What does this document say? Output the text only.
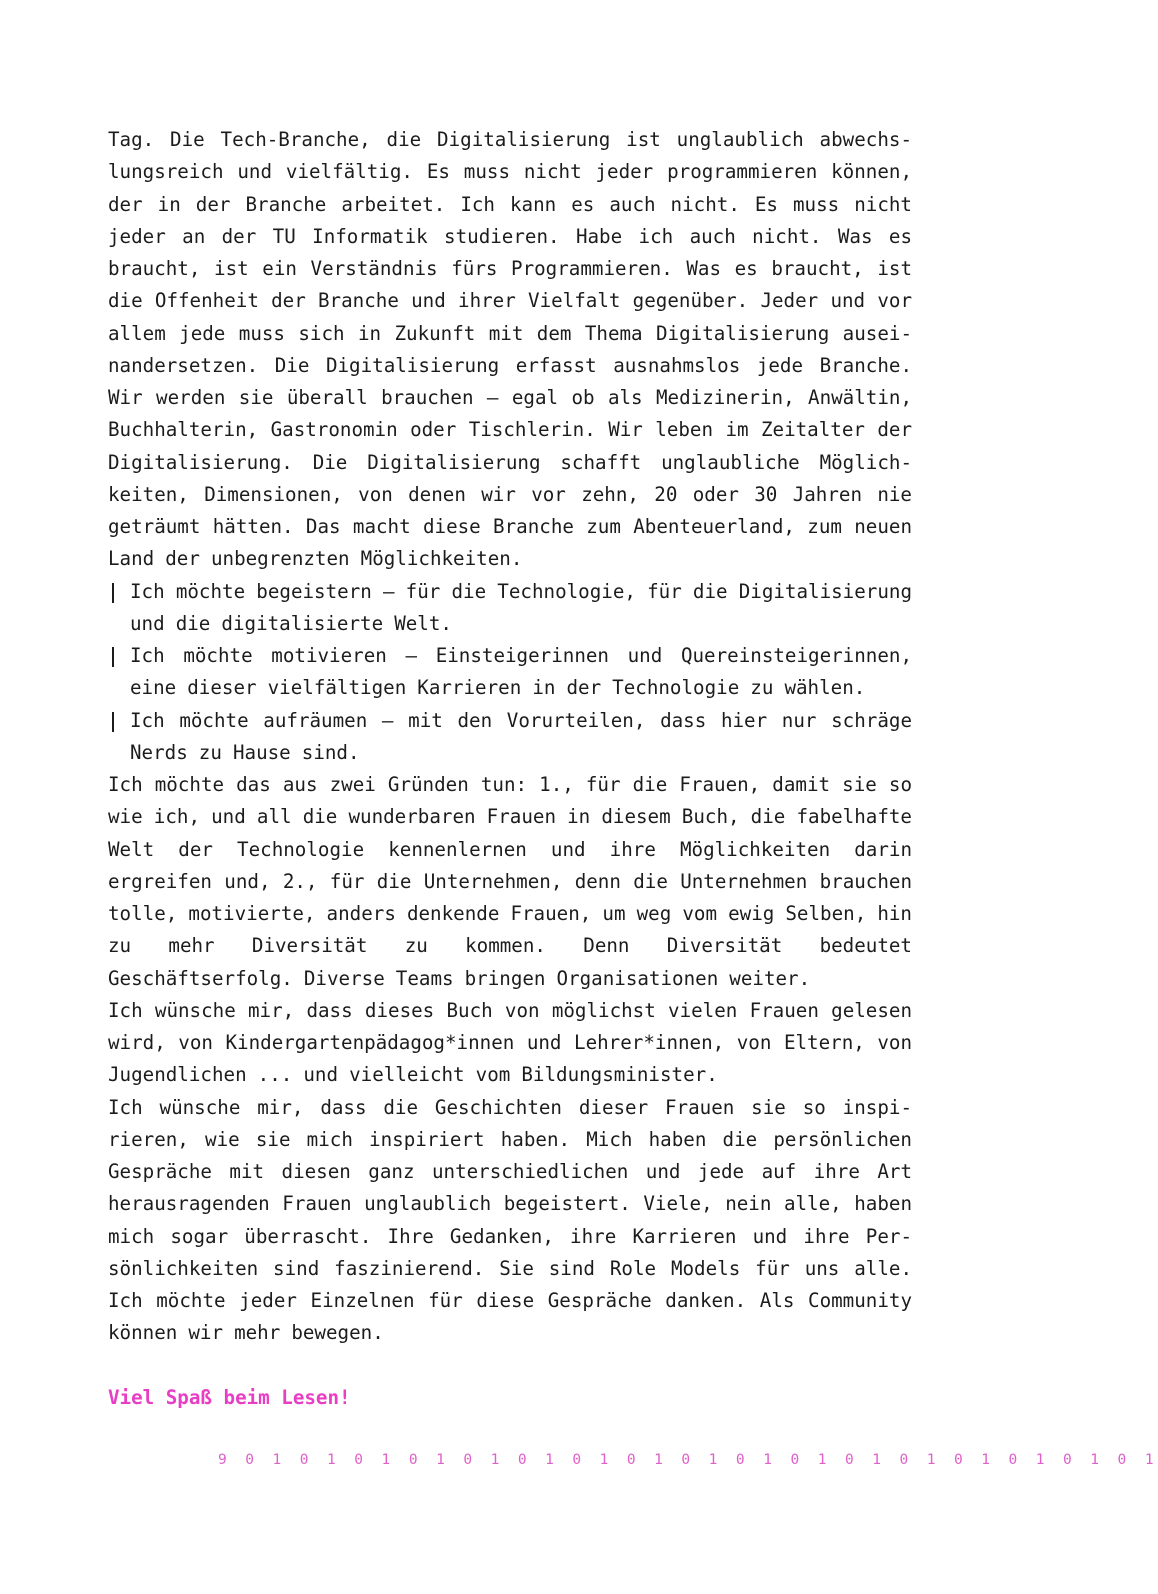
Tag. Die Tech-Branche, die Digitalisierung ist unglaublich abwechslungsreich und vielfältig. Es muss nicht jeder programmieren können, der in der Branche arbeitet. Ich kann es auch nicht. Es muss nicht jeder an der TU Informatik studieren. Habe ich auch nicht. Was es braucht, ist ein Verständnis fürs Programmieren. Was es braucht, ist die Offenheit der Branche und ihrer Vielfalt gegenüber. Jeder und vor allem jede muss sich in Zukunft mit dem Thema Digitalisierung auseinandersetzen. Die Digitalisierung erfasst ausnahmslos jede Branche. Wir werden sie überall brauchen – egal ob als Medizinerin, Anwältin, Buchhalterin, Gastronomin oder Tischlerin. Wir leben im Zeitalter der Digitalisierung. Die Digitalisierung schafft unglaubliche Möglichkeiten, Dimensionen, von denen wir vor zehn, 20 oder 30 Jahren nie geträumt hätten. Das macht diese Branche zum Abenteuerland, zum neuen Land der unbegrenzten Möglichkeiten.

Ich möchte begeistern – für die Technologie, für die Digitalisierung und die digitalisierte Welt.
Ich möchte motivieren – Einsteigerinnen und Quereinsteigerinnen, eine dieser vielfältigen Karrieren in der Technologie zu wählen.
Ich möchte aufräumen – mit den Vorurteilen, dass hier nur schräge Nerds zu Hause sind.

Ich möchte das aus zwei Gründen tun: 1., für die Frauen, damit sie so wie ich, und all die wunderbaren Frauen in diesem Buch, die fabelhafte Welt der Technologie kennenlernen und ihre Möglichkeiten darin ergreifen und, 2., für die Unternehmen, denn die Unternehmen brauchen tolle, motivierte, anders denkende Frauen, um weg vom ewig Selben, hin zu mehr Diversität zu kommen. Denn Diversität bedeutet Geschäftserfolg. Diverse Teams bringen Organisationen weiter.

Ich wünsche mir, dass dieses Buch von möglichst vielen Frauen gelesen wird, von Kindergartenpädagog*innen und Lehrer*innen, von Eltern, von Jugendlichen ... und vielleicht vom Bildungsminister.

Ich wünsche mir, dass die Geschichten dieser Frauen sie so inspirieren, wie sie mich inspiriert haben. Mich haben die persönlichen Gespräche mit diesen ganz unterschiedlichen und jede auf ihre Art herausragenden Frauen unglaublich begeistert. Viele, nein alle, haben mich sogar überrascht. Ihre Gedanken, ihre Karrieren und ihre Persönlichkeiten sind faszinierend. Sie sind Role Models für uns alle. Ich möchte jeder Einzelnen für diese Gespräche danken. Als Community können wir mehr bewegen.

Viel Spaß beim Lesen!

9 0 1 0 1 0 1 0 1 0 1 0 1 0 1 0 1 0 1 0 1 0 1 0 1 0 1 0 1 0 1 0 1 0 1
